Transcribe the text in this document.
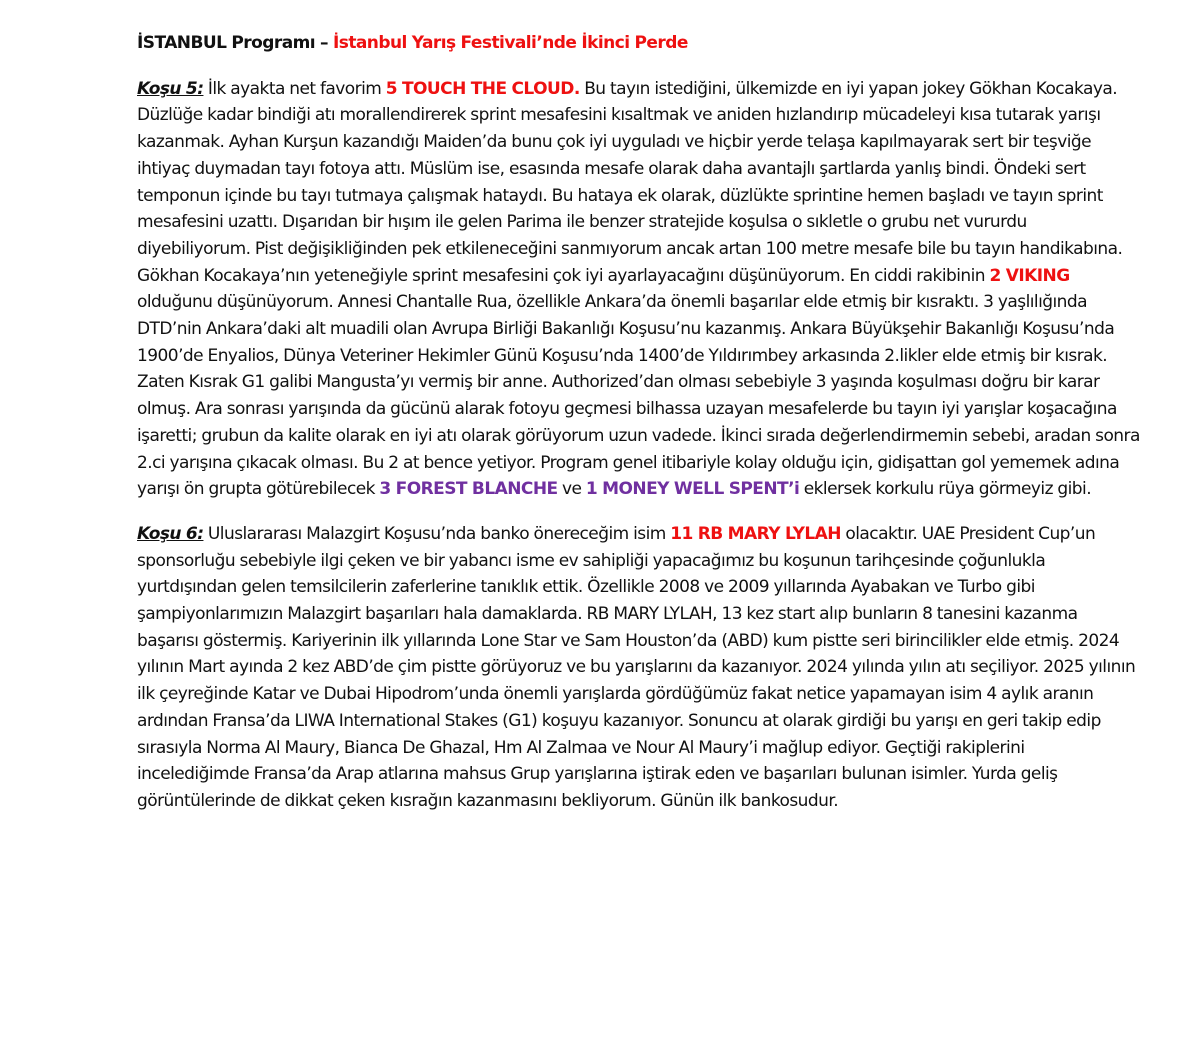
İSTANBUL Programı – İstanbul Yarış Festivali’nde İkinci Perde

Koşu 5: İlk ayakta net favorim 5 TOUCH THE CLOUD. Bu tayın istediğini, ülkemizde en iyi yapan jokey Gökhan Kocakaya. Düzlüğe kadar bindiği atı morallendirerek sprint mesafesini kısaltmak ve aniden hızlandırıp mücadeleyi kısa tutarak yarışı kazanmak. Ayhan Kurşun kazandığı Maiden’da bunu çok iyi uyguladı ve hiçbir yerde telaşa kapılmayarak sert bir teşviğe ihtiyaç duymadan tayı fotoya attı. Müslüm ise, esasında mesafe olarak daha avantajlı şartlarda yanlış bindi. Öndeki sert temponun içinde bu tayı tutmaya çalışmak hataydı. Bu hataya ek olarak, düzlükte sprintine hemen başladı ve tayın sprint mesafesini uzattı. Dışarıdan bir hışım ile gelen Parima ile benzer stratejide koşulsa o sıkletle o grubu net vururdu diyebiliyorum. Pist değişikliğinden pek etkileneceğini sanmıyorum ancak artan 100 metre mesafe bile bu tayın handikabına. Gökhan Kocakaya’nın yeteneğiyle sprint mesafesini çok iyi ayarlayacağını düşünüyorum. En ciddi rakibinin 2 VIKING olduğunu düşünüyorum. Annesi Chantalle Rua, özellikle Ankara’da önemli başarılar elde etmiş bir kısraktı. 3 yaşlılığında DTD’nin Ankara’daki alt muadili olan Avrupa Birliği Bakanlığı Koşusu’nu kazanmış. Ankara Büyükşehir Bakanlığı Koşusu’nda 1900’de Enyalios, Dünya Veteriner Hekimler Günü Koşusu’nda 1400’de Yıldırımbey arkasında 2.likler elde etmiş bir kısrak. Zaten Kısrak G1 galibi Mangusta’yı vermiş bir anne. Authorized’dan olması sebebiyle 3 yaşında koşulması doğru bir karar olmuş. Ara sonrası yarışında da gücünü alarak fotoyu geçmesi bilhassa uzayan mesafelerde bu tayın iyi yarışlar koşacağına işaretti; grubun da kalite olarak en iyi atı olarak görüyorum uzun vadede. İkinci sırada değerlendirmemin sebebi, aradan sonra 2.ci yarışına çıkacak olması. Bu 2 at bence yetiyor. Program genel itibariyle kolay olduğu için, gidişattan gol yememek adına yarışı ön grupta götürebilecek 3 FOREST BLANCHE ve 1 MONEY WELL SPENT’i eklersek korkulu rüya görmeyiz gibi.

Koşu 6: Uluslararası Malazgirt Koşusu’nda banko önereceğim isim 11 RB MARY LYLAH olacaktır. UAE President Cup’un sponsorluğu sebebiyle ilgi çeken ve bir yabancı isme ev sahipliği yapacağımız bu koşunun tarihçesinde çoğunlukla yurtdışından gelen temsilcilerin zaferlerine tanıklık ettik. Özellikle 2008 ve 2009 yıllarında Ayabakan ve Turbo gibi şampiyonlarımızın Malazgirt başarıları hala damaklarda. RB MARY LYLAH, 13 kez start alıp bunların 8 tanesini kazanma başarısı göstermiş. Kariyerinin ilk yıllarında Lone Star ve Sam Houston’da (ABD) kum pistte seri birincilikler elde etmiş. 2024 yılının Mart ayında 2 kez ABD’de çim pistte görüyoruz ve bu yarışlarını da kazanıyor. 2024 yılında yılın atı seçiliyor. 2025 yılının ilk çeyreğinde Katar ve Dubai Hipodrom’unda önemli yarışlarda gördüğümüz fakat netice yapamayan isim 4 aylık aranın ardından Fransa’da LIWA International Stakes (G1) koşuyu kazanıyor. Sonuncu at olarak girdiği bu yarışı en geri takip edip sırasıyla Norma Al Maury, Bianca De Ghazal, Hm Al Zalmaa ve Nour Al Maury’i mağlup ediyor. Geçtiği rakiplerini incelediğimde Fransa’da Arap atlarına mahsus Grup yarışlarına iştirak eden ve başarıları bulunan isimler. Yurda geliş görüntülerinde de dikkat çeken kısrağın kazanmasını bekliyorum. Günün ilk bankosudur.
